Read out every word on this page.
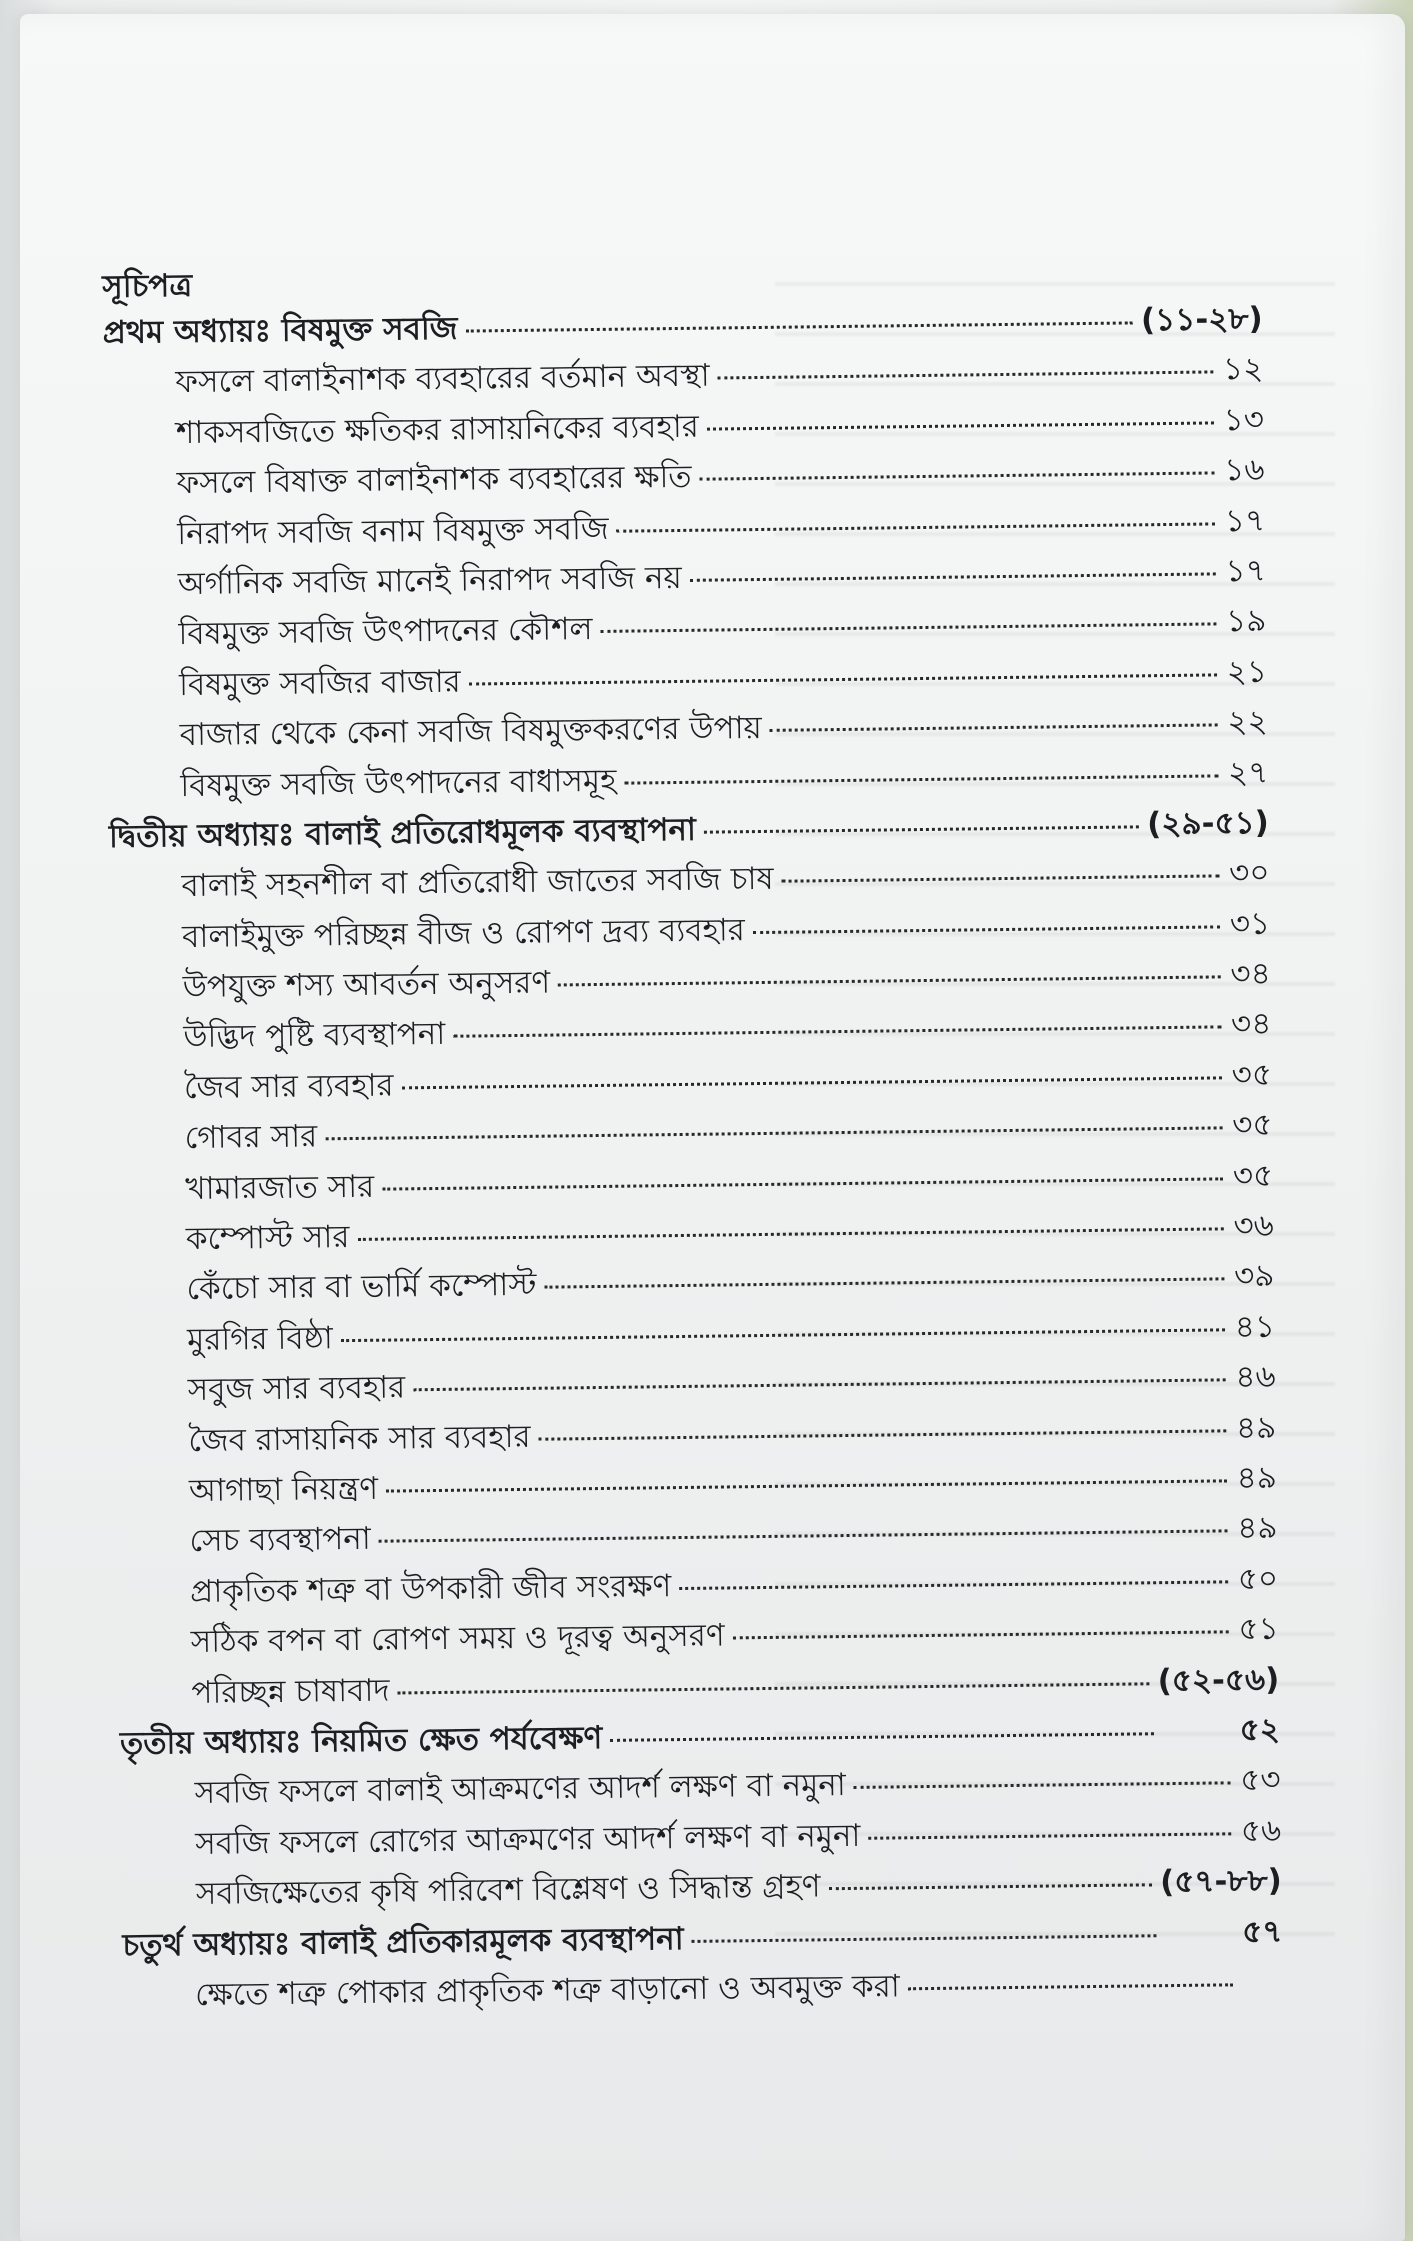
সূচিপত্র
প্রথম অধ্যায়ঃ বিষমুক্ত সবজি	(১১-২৮)
ফসলে বালাইনাশক ব্যবহারের বর্তমান অবস্থা	১২
শাকসবজিতে ক্ষতিকর রাসায়নিকের ব্যবহার	১৩
ফসলে বিষাক্ত বালাইনাশক ব্যবহারের ক্ষতি	১৬
নিরাপদ সবজি বনাম বিষমুক্ত সবজি	১৭
অর্গানিক সবজি মানেই নিরাপদ সবজি নয়	১৭
বিষমুক্ত সবজি উৎপাদনের কৌশল	১৯
বিষমুক্ত সবজির বাজার	২১
বাজার থেকে কেনা সবজি বিষমুক্তকরণের উপায়	২২
বিষমুক্ত সবজি উৎপাদনের বাধাসমূহ	২৭
দ্বিতীয় অধ্যায়ঃ বালাই প্রতিরোধমূলক ব্যবস্থাপনা	(২৯-৫১)
বালাই সহনশীল বা প্রতিরোধী জাতের সবজি চাষ	৩০
বালাইমুক্ত পরিচ্ছন্ন বীজ ও রোপণ দ্রব্য ব্যবহার	৩১
উপযুক্ত শস্য আবর্তন অনুসরণ	৩৪
উদ্ভিদ পুষ্টি ব্যবস্থাপনা	৩৪
জৈব সার ব্যবহার	৩৫
গোবর সার	৩৫
খামারজাত সার	৩৫
কম্পোস্ট সার	৩৬
কেঁচো সার বা ভার্মি কম্পোস্ট	৩৯
মুরগির বিষ্ঠা	৪১
সবুজ সার ব্যবহার	৪৬
জৈব রাসায়নিক সার ব্যবহার	৪৯
আগাছা নিয়ন্ত্রণ	৪৯
সেচ ব্যবস্থাপনা	৪৯
প্রাকৃতিক শত্রু বা উপকারী জীব সংরক্ষণ	৫০
সঠিক বপন বা রোপণ সময় ও দূরত্ব অনুসরণ	৫১
পরিচ্ছন্ন চাষাবাদ	(৫২-৫৬)
তৃতীয় অধ্যায়ঃ নিয়মিত ক্ষেত পর্যবেক্ষণ	৫২
সবজি ফসলে বালাই আক্রমণের আদর্শ লক্ষণ বা নমুনা	৫৩
সবজি ফসলে রোগের আক্রমণের আদর্শ লক্ষণ বা নমুনা	৫৬
সবজিক্ষেতের কৃষি পরিবেশ বিশ্লেষণ ও সিদ্ধান্ত গ্রহণ	(৫৭-৮৮)
চতুর্থ অধ্যায়ঃ বালাই প্রতিকারমূলক ব্যবস্থাপনা	৫৭
ক্ষেতে শত্রু পোকার প্রাকৃতিক শত্রু বাড়ানো ও অবমুক্ত করা
